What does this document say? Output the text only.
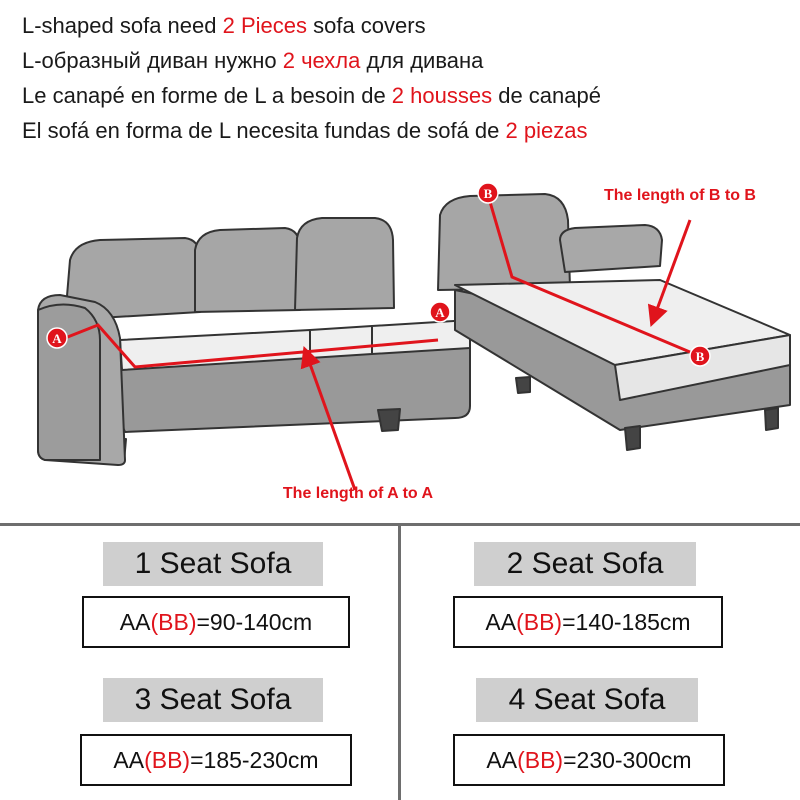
L-shaped sofa need 2 Pieces sofa covers
L-образный диван нужно 2 чехла для дивана
Le canapé en forme de L a besoin de 2 housses de canapé
El sofá en forma de L necesita fundas de sofá de 2 piezas
A
A
The length of A to A
B
B
The length of B to B
1 Seat Sofa
AA(BB)=90-140cm
2 Seat Sofa
AA(BB)=140-185cm
3 Seat Sofa
AA(BB)=185-230cm
4 Seat Sofa
AA(BB)=230-300cm
